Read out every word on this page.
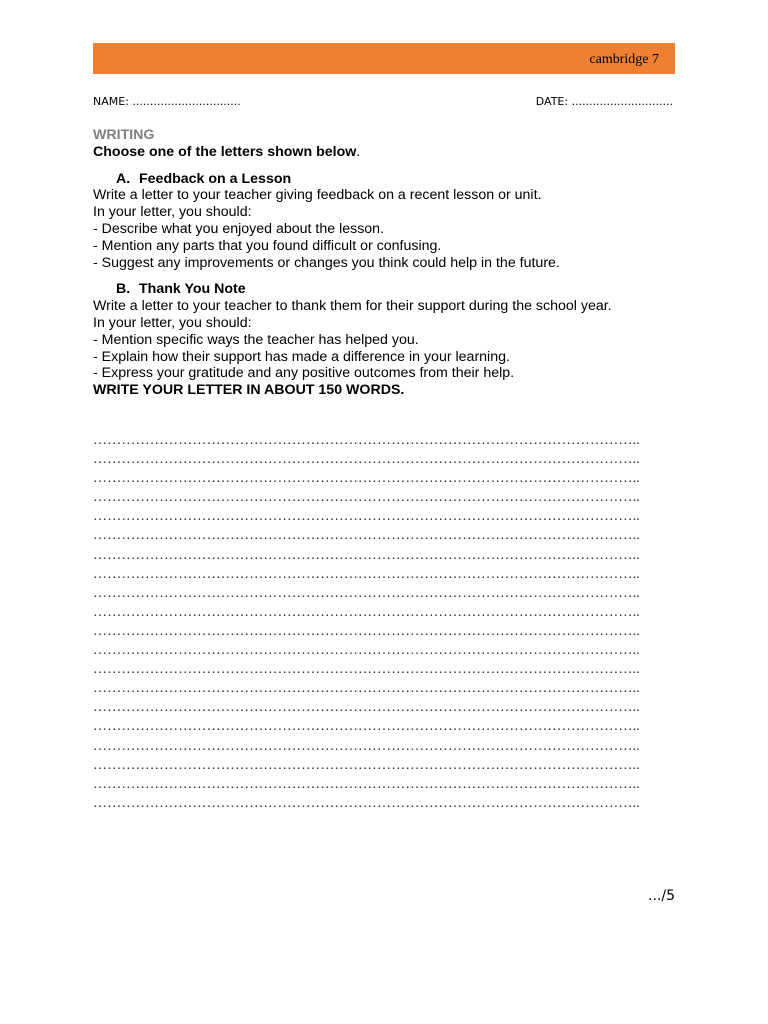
cambridge 7
NAME: ...............................	DATE: .............................
WRITING
Choose one of the letters shown below.
A. Feedback on a Lesson
Write a letter to your teacher giving feedback on a recent lesson or unit.
In your letter, you should:
- Describe what you enjoyed about the lesson.
- Mention any parts that you found difficult or confusing.
- Suggest any improvements or changes you think could help in the future.
B. Thank You Note
Write a letter to your teacher to thank them for their support during the school year.
In your letter, you should:
- Mention specific ways the teacher has helped you.
- Explain how their support has made a difference in your learning.
- Express your gratitude and any positive outcomes from their help.
WRITE YOUR LETTER IN ABOUT 150 WORDS.
……………………………………………………………………………………………………..
……………………………………………………………………………………………………..
……………………………………………………………………………………………………..
……………………………………………………………………………………………………..
……………………………………………………………………………………………………..
……………………………………………………………………………………………………..
……………………………………………………………………………………………………..
……………………………………………………………………………………………………..
……………………………………………………………………………………………………..
……………………………………………………………………………………………………..
……………………………………………………………………………………………………..
……………………………………………………………………………………………………..
……………………………………………………………………………………………………..
……………………………………………………………………………………………………..
……………………………………………………………………………………………………..
……………………………………………………………………………………………………..
……………………………………………………………………………………………………..
……………………………………………………………………………………………………..
……………………………………………………………………………………………………..
……………………………………………………………………………………………………..
.../5
